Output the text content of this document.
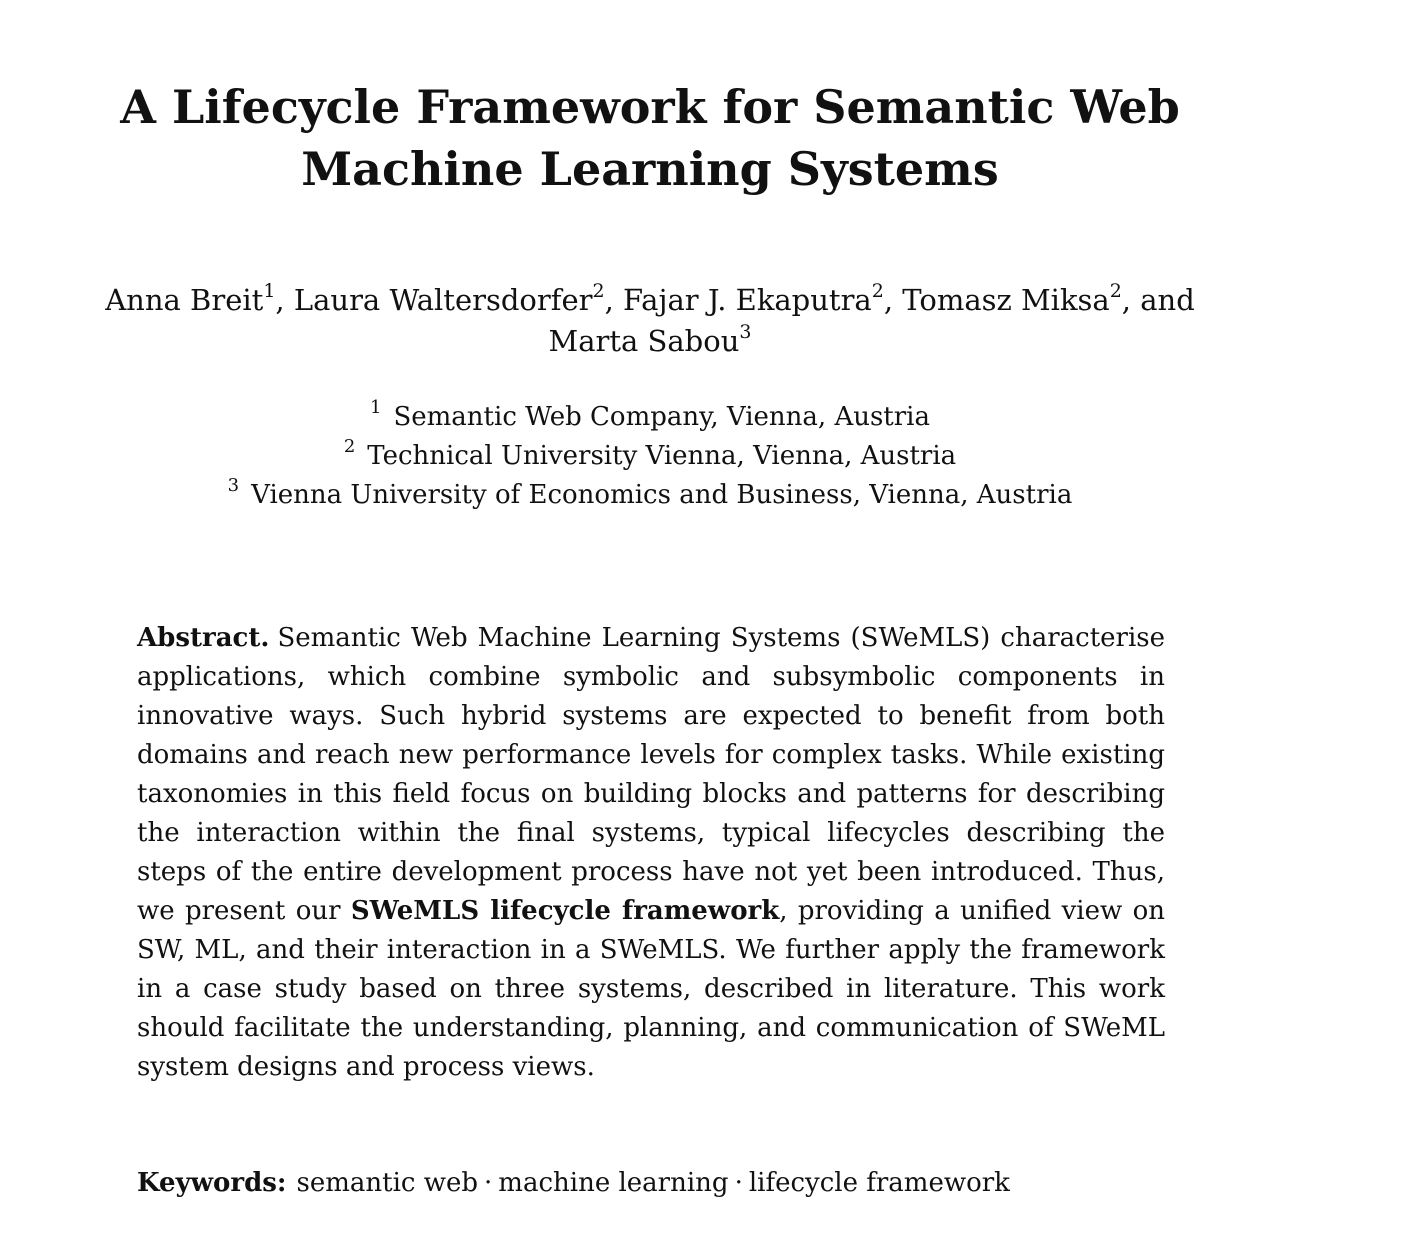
A Lifecycle Framework for Semantic Web
Machine Learning Systems
Anna Breit$^1$, Laura Waltersdorfer$^2$, Fajar J. Ekaputra$^2$, Tomasz Miksa$^2$, and
Marta Sabou$^3$
$^1$ Semantic Web Company, Vienna, Austria
$^2$ Technical University Vienna, Vienna, Austria
$^3$ Vienna University of Economics and Business, Vienna, Austria

Abstract. Semantic Web Machine Learning Systems (SWeMLS) characterise applications, which combine symbolic and subsymbolic components in innovative ways. Such hybrid systems are expected to benefit from both domains and reach new performance levels for complex tasks. While existing taxonomies in this field focus on building blocks and patterns for describing the interaction within the final systems, typical lifecycles describing the steps of the entire development process have not yet been introduced. Thus, we present our SWeMLS lifecycle framework, providing a unified view on SW, ML, and their interaction in a SWeMLS. We further apply the framework in a case study based on three systems, described in literature. This work should facilitate the understanding, planning, and communication of SWeML system designs and process views.

Keywords: semantic web · machine learning · lifecycle framework
